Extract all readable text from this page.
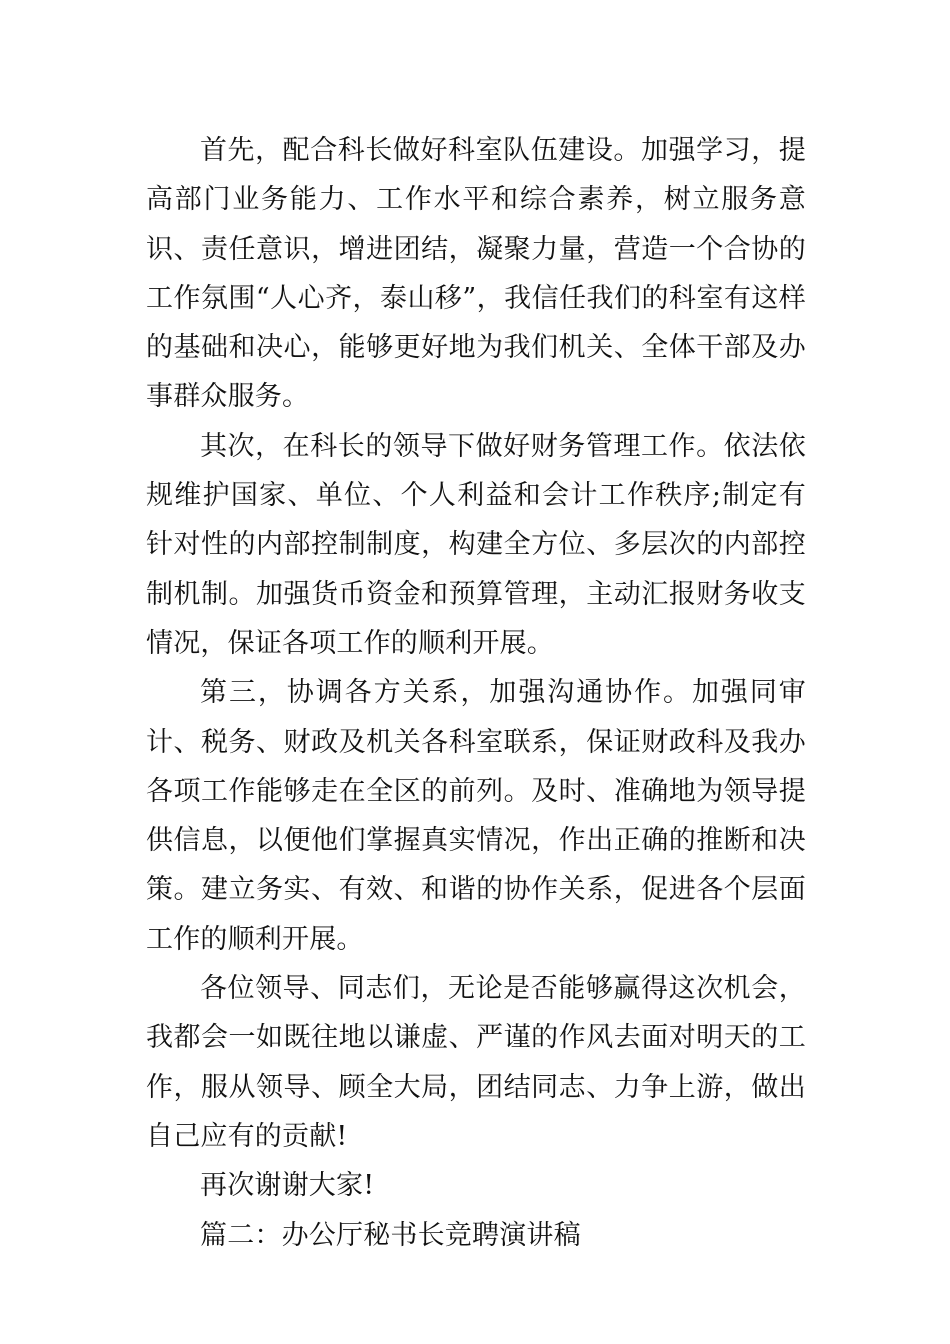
首先，配合科长做好科室队伍建设。加强学习，提高部门业务能力、工作水平和综合素养，树立服务意识、责任意识，增进团结，凝聚力量，营造一个合协的工作氛围“人心齐，泰山移”，我信任我们的科室有这样的基础和决心，能够更好地为我们机关、全体干部及办事群众服务。

其次，在科长的领导下做好财务管理工作。依法依规维护国家、单位、个人利益和会计工作秩序;制定有针对性的内部控制制度，构建全方位、多层次的内部控制机制。加强货币资金和预算管理，主动汇报财务收支情况，保证各项工作的顺利开展。

第三，协调各方关系，加强沟通协作。加强同审计、税务、财政及机关各科室联系，保证财政科及我办各项工作能够走在全区的前列。及时、准确地为领导提供信息，以便他们掌握真实情况，作出正确的推断和决策。建立务实、有效、和谐的协作关系，促进各个层面工作的顺利开展。

各位领导、同志们，无论是否能够赢得这次机会，我都会一如既往地以谦虚、严谨的作风去面对明天的工作，服从领导、顾全大局，团结同志、力争上游，做出自己应有的贡献!

再次谢谢大家!

篇二：办公厅秘书长竞聘演讲稿
